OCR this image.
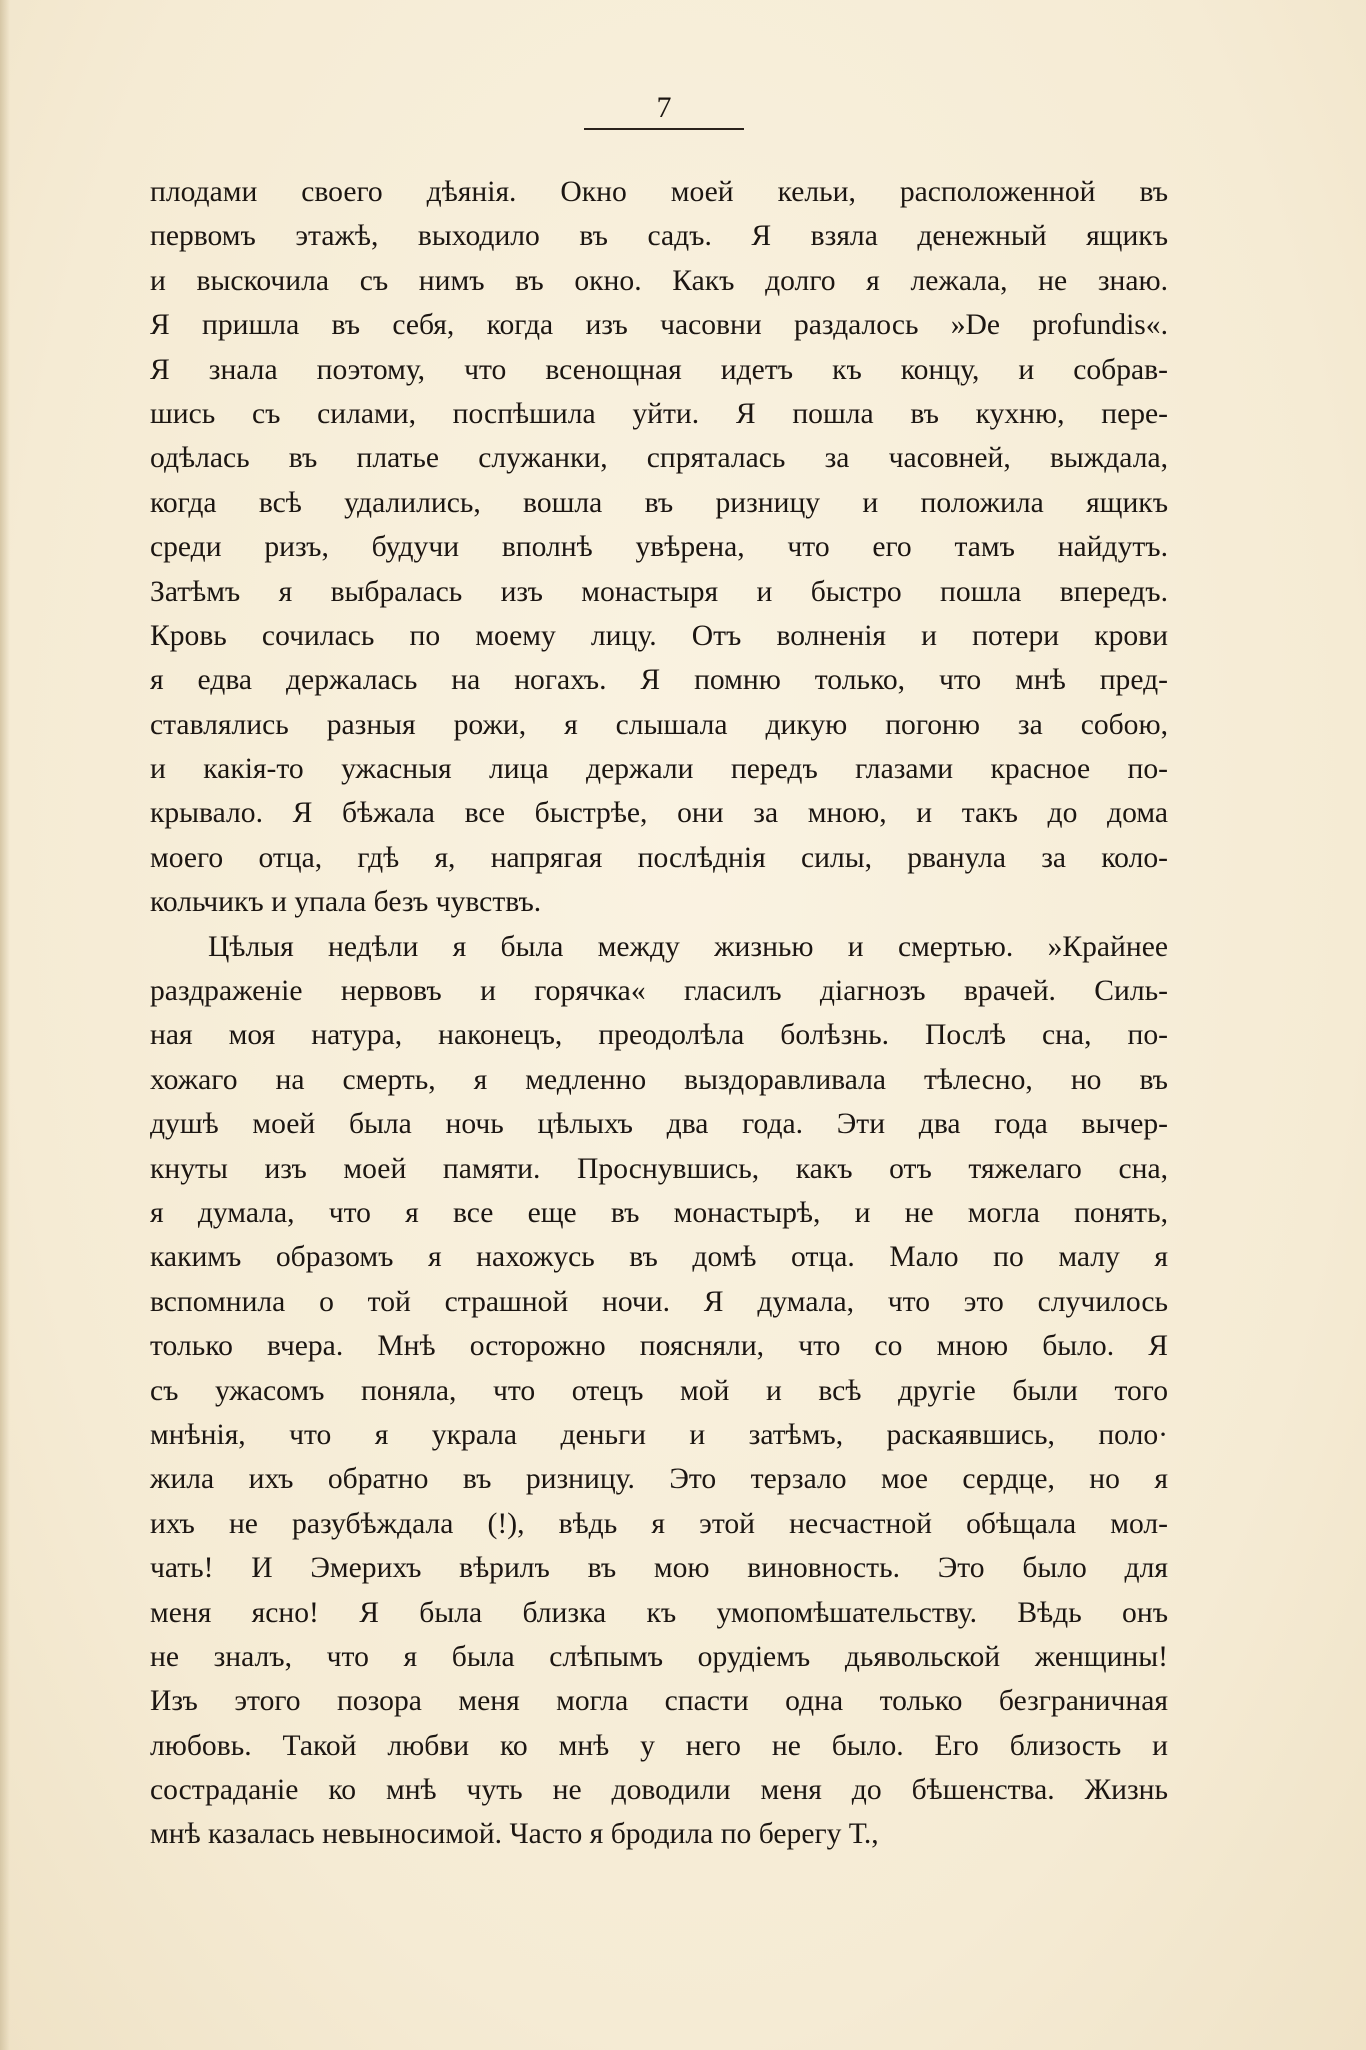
7
плодами своего дѣянія. Окно моей кельи, расположенной въ
первомъ этажѣ, выходило въ садъ. Я взяла денежный ящикъ
и выскочила съ нимъ въ окно. Какъ долго я лежала, не знаю.
Я пришла въ себя, когда изъ часовни раздалось »De profundis«.
Я знала поэтому, что всенощная идетъ къ концу, и собрав-
шись съ силами, поспѣшила уйти. Я пошла въ кухню, пере-
одѣлась въ платье служанки, спряталась за часовней, выждала,
когда всѣ удалились, вошла въ ризницу и положила ящикъ
среди ризъ, будучи вполнѣ увѣрена, что его тамъ найдутъ.
Затѣмъ я выбралась изъ монастыря и быстро пошла впередъ.
Кровь сочилась по моему лицу. Отъ волненія и потери крови
я едва держалась на ногахъ. Я помню только, что мнѣ пред-
ставлялись разныя рожи, я слышала дикую погоню за собою,
и какія-то ужасныя лица держали передъ глазами красное по-
крывало. Я бѣжала все быстрѣе, они за мною, и такъ до дома
моего отца, гдѣ я, напрягая послѣднія силы, рванула за коло-
кольчикъ и упала безъ чувствъ.
Цѣлыя недѣли я была между жизнью и смертью. »Крайнее
раздраженіе нервовъ и горячка« гласилъ діагнозъ врачей. Силь-
ная моя натура, наконецъ, преодолѣла болѣзнь. Послѣ сна, по-
хожаго на смерть, я медленно выздоравливала тѣлесно, но въ
душѣ моей была ночь цѣлыхъ два года. Эти два года вычер-
кнуты изъ моей памяти. Проснувшись, какъ отъ тяжелаго сна,
я думала, что я все еще въ монастырѣ, и не могла понять,
какимъ образомъ я нахожусь въ домѣ отца. Мало по малу я
вспомнила о той страшной ночи. Я думала, что это случилось
только вчера. Мнѣ осторожно поясняли, что со мною было. Я
съ ужасомъ поняла, что отецъ мой и всѣ другіе были того
мнѣнія, что я украла деньги и затѣмъ, раскаявшись, поло·
жила ихъ обратно въ ризницу. Это терзало мое сердце, но я
ихъ не разубѣждала (!), вѣдь я этой несчастной обѣщала мол-
чать! И Эмерихъ вѣрилъ въ мою виновность. Это было для
меня ясно! Я была близка къ умопомѣшательству. Вѣдь онъ
не зналъ, что я была слѣпымъ орудіемъ дьявольской женщины!
Изъ этого позора меня могла спасти одна только безграничная
любовь. Такой любви ко мнѣ у него не было. Его близость и
состраданіе ко мнѣ чуть не доводили меня до бѣшенства. Жизнь
мнѣ казалась невыносимой. Часто я бродила по берегу Т.,
